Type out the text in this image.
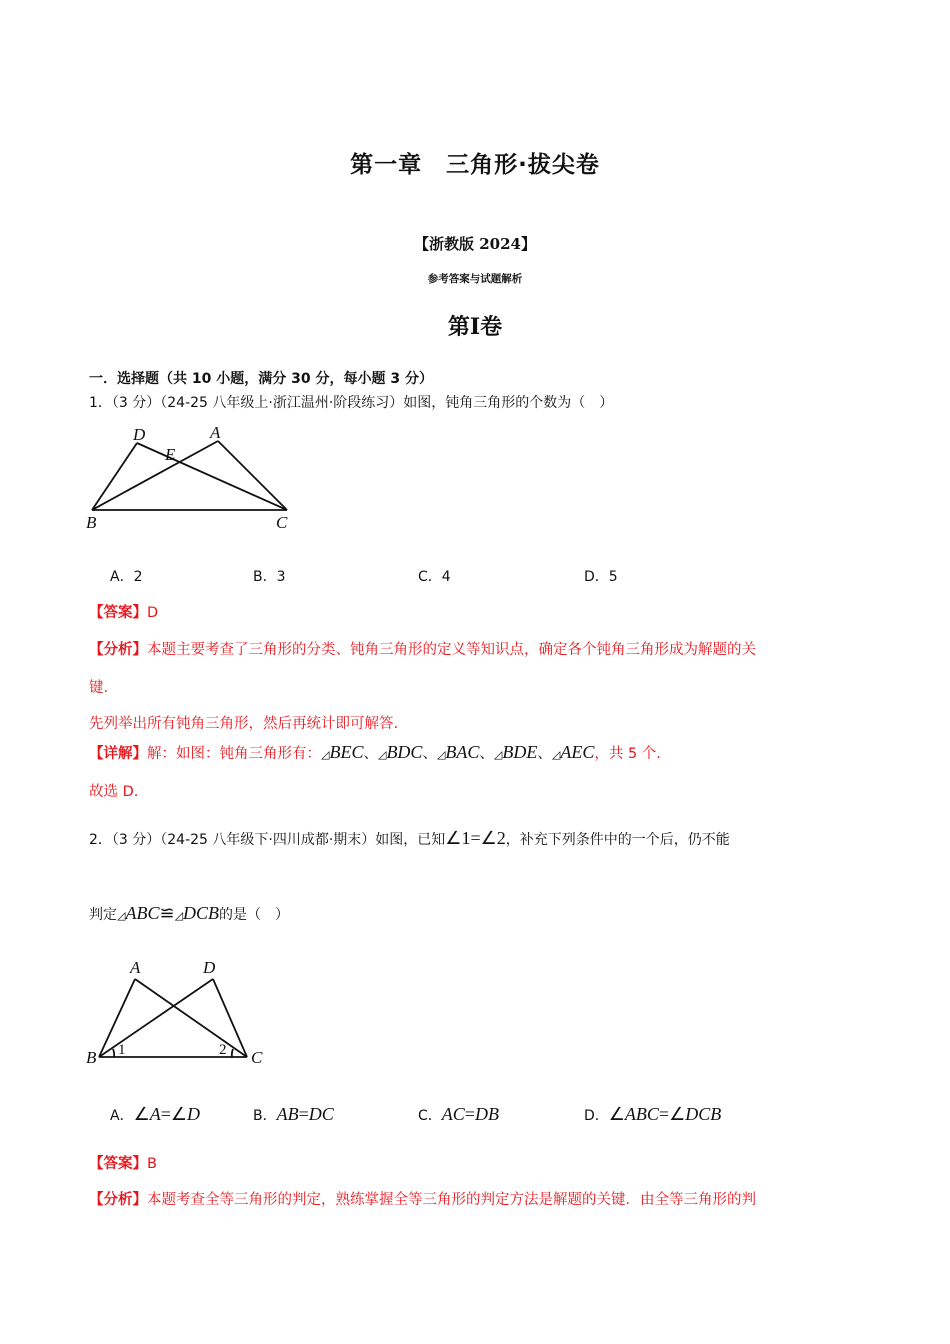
第一章　三角形·拔尖卷
【浙教版 2024】
参考答案与试题解析
第Ⅰ卷
一．选择题（共 10 小题，满分 30 分，每小题 3 分）
1．（3 分）（24-25 八年级上·浙江温州·阶段练习）如图，钝角三角形的个数为（　）
D	A
E
B	C
A．2	B．3	C．4	D．5
【答案】D
【分析】本题主要考查了三角形的分类、钝角三角形的定义等知识点，确定各个钝角三角形成为解题的关
键.
先列举出所有钝角三角形，然后再统计即可解答.
【详解】解：如图：钝角三角形有：◿BEC、◿BDC、◿BAC、◿BDE、◿AEC，共 5 个.
故选 D.
2．（3 分）（24-25 八年级下·四川成都·期末）如图，已知∠1=∠2，补充下列条件中的一个后，仍不能
判定◿ABC≌◿DCB的是（　）
A	D
B	C
1	2
A．∠A=∠D	B．AB=DC	C．AC=DB	D．∠ABC=∠DCB
【答案】B
【分析】本题考查全等三角形的判定，熟练掌握全等三角形的判定方法是解题的关键．由全等三角形的判
